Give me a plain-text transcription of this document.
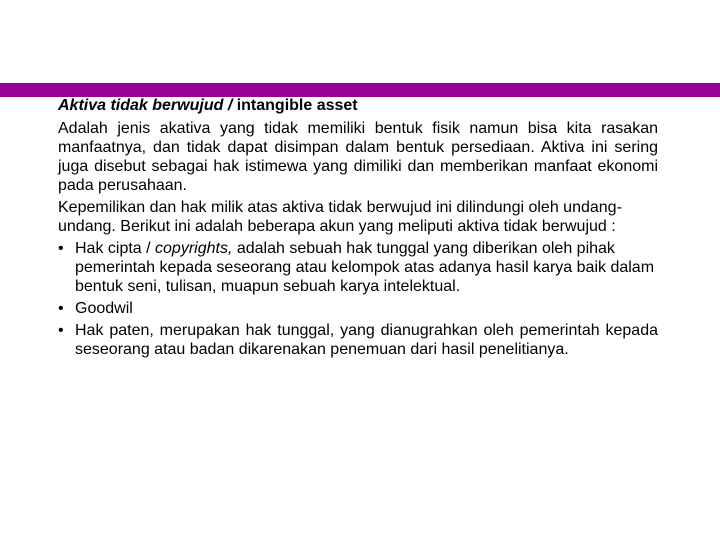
Aktiva tidak berwujud / intangible asset

Adalah jenis akativa yang tidak memiliki bentuk fisik namun bisa kita rasakan manfaatnya, dan tidak dapat disimpan dalam bentuk persediaan. Aktiva ini sering juga disebut sebagai hak istimewa yang dimiliki dan memberikan manfaat ekonomi pada perusahaan.

Kepemilikan dan hak milik atas aktiva tidak berwujud ini dilindungi oleh undang-undang. Berikut ini adalah beberapa akun yang meliputi aktiva tidak berwujud :

• Hak cipta / copyrights, adalah sebuah hak tunggal yang diberikan oleh pihak pemerintah kepada seseorang atau kelompok atas adanya hasil karya baik dalam bentuk seni, tulisan, muapun sebuah karya intelektual.
• Goodwil
• Hak paten, merupakan hak tunggal, yang dianugrahkan oleh pemerintah kepada seseorang atau badan dikarenakan penemuan dari hasil penelitianya.
